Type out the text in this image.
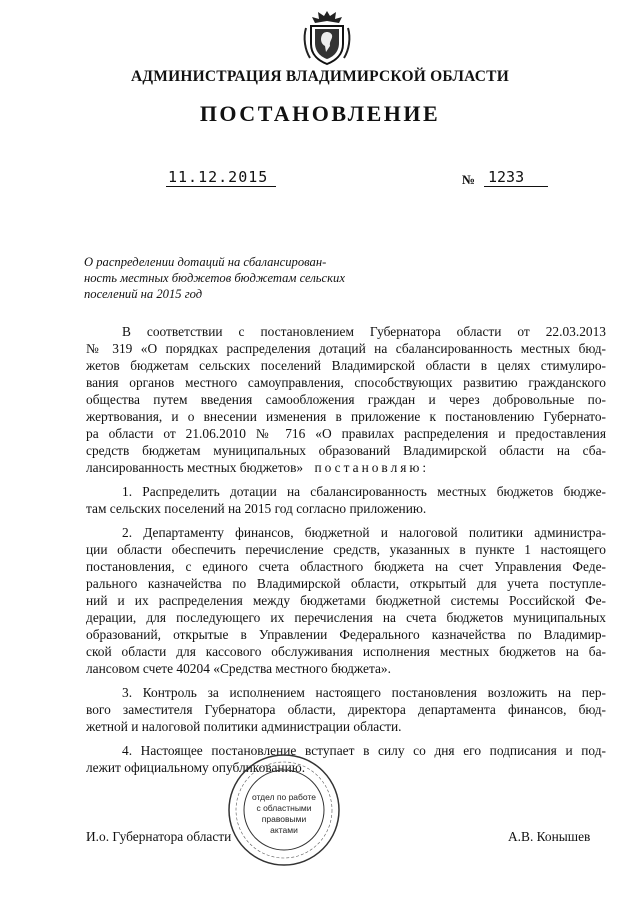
АДМИНИСТРАЦИЯ ВЛАДИМИРСКОЙ ОБЛАСТИ
ПОСТАНОВЛЕНИЕ
11.12.2015	№ 1233
О распределении дотаций на сбалансирован-
ность местных бюджетов бюджетам сельских
поселений на 2015 год
В соответствии с постановлением Губернатора области от 22.03.2013
№ 319 «О порядках распределения дотаций на сбалансированность местных бюд-
жетов бюджетам сельских поселений Владимирской области в целях стимулиро-
вания органов местного самоуправления, способствующих развитию гражданского
общества путем введения самообложения граждан и через добровольные по-
жертвования, и о внесении изменения в приложение к постановлению Губернато-
ра области от 21.06.2010 № 716 «О правилах распределения и предоставления
средств бюджетам муниципальных образований Владимирской области на сба-
лансированность местных бюджетов» постановляю:
1. Распределить дотации на сбалансированность местных бюджетов бюдже-
там сельских поселений на 2015 год согласно приложению.
2. Департаменту финансов, бюджетной и налоговой политики администра-
ции области обеспечить перечисление средств, указанных в пункте 1 настоящего
постановления, с единого счета областного бюджета на счет Управления Феде-
рального казначейства по Владимирской области, открытый для учета поступле-
ний и их распределения между бюджетами бюджетной системы Российской Фе-
дерации, для последующего их перечисления на счета бюджетов муниципальных
образований, открытые в Управлении Федерального казначейства по Владимир-
ской области для кассового обслуживания исполнения местных бюджетов на ба-
лансовом счете 40204 «Средства местного бюджета».
3. Контроль за исполнением настоящего постановления возложить на пер-
вого заместителя Губернатора области, директора департамента финансов, бюд-
жетной и налоговой политики администрации области.
4. Настоящее постановление вступает в силу со дня его подписания и под-
лежит официальному опубликованию.
И.о. Губернатора области	А.В. Конышев
отдел по работе
с областными
правовыми
актами
